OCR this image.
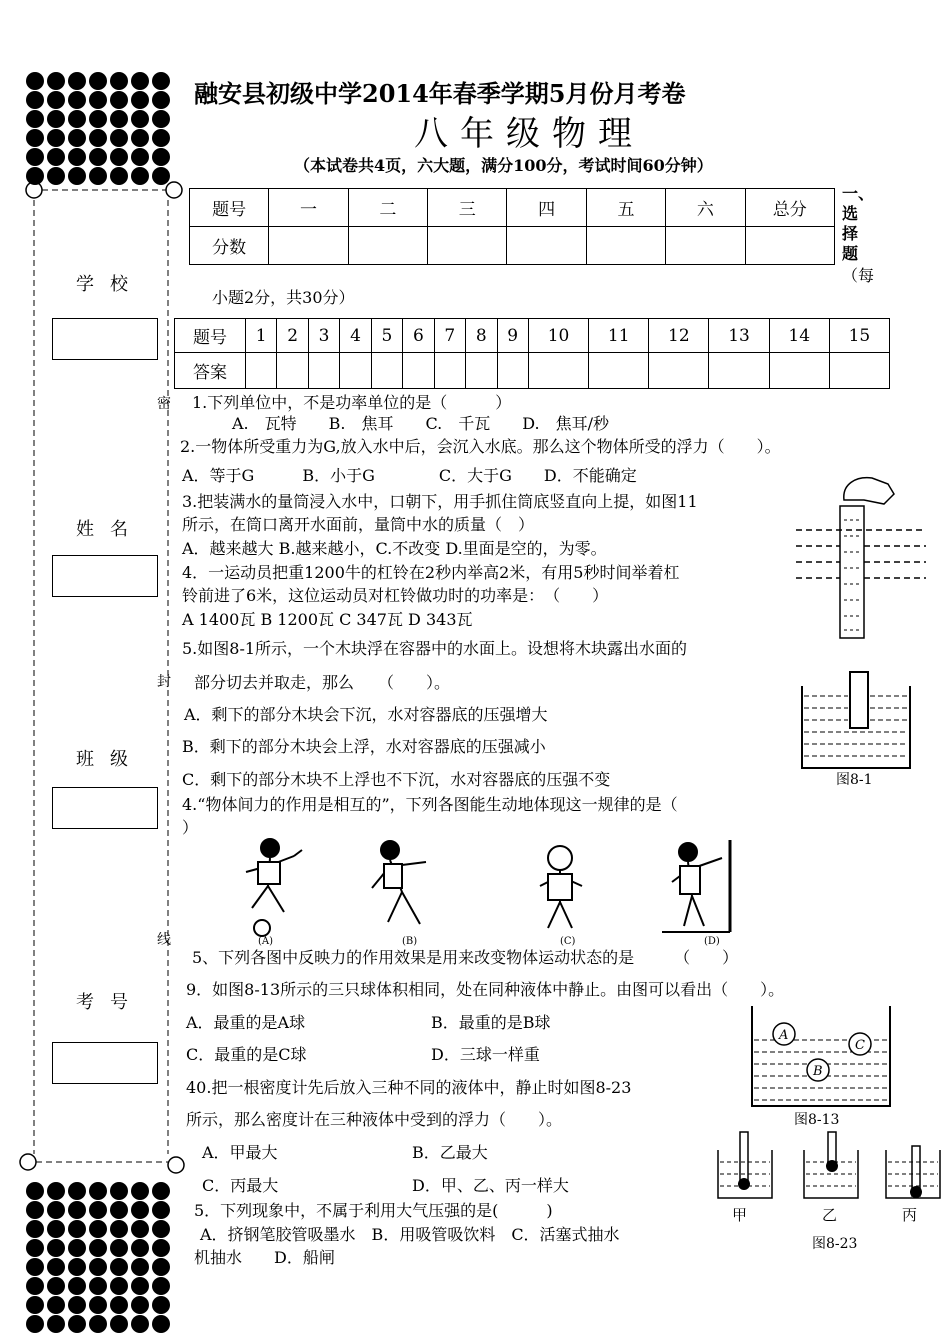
学校
姓名
班级
考号
密
封
线
融安县初级中学2014年春季学期5月份月考卷
八年级物理
（本试卷共4页，六大题，满分100分，考试时间60分钟）
题号	一	二	三	四	五	六	总分
分数							
一、
选
择
题
（每
小题2分，共30分）
题号	1	2	3	4	5	6	7	8	9	10	11	12	13	14	15
答案															
1.下列单位中，不是功率单位的是（　　　）
A.　瓦特　　B.　焦耳　　C.　千瓦　　D.　焦耳/秒
2.一物体所受重力为G,放入水中后，会沉入水底。那么这个物体所受的浮力（　　）。
A．等于G　　　B．小于G　　　　C．大于G　　D．不能确定
3.把装满水的量筒浸入水中，口朝下，用手抓住筒底竖直向上提，如图11
所示，在筒口离开水面前，量筒中水的质量（　）
A．越来越大 B.越来越小，C.不改变 D.里面是空的，为零。
4．一运动员把重1200牛的杠铃在2秒内举高2米，有用5秒时间举着杠
铃前进了6米，这位运动员对杠铃做功时的功率是：　（　　）
A 1400瓦 B 1200瓦 C 347瓦 D 343瓦
5.如图8-1所示，一个木块浮在容器中的水面上。设想将木块露出水面的
部分切去并取走，那么　　（　　）。
A．剩下的部分木块会下沉，水对容器底的压强增大
B．剩下的部分木块会上浮，水对容器底的压强减小
C．剩下的部分木块不上浮也不下沉，水对容器底的压强不变
4.“物体间力的作用是相互的”，下列各图能生动地体现这一规律的是（
）
(A)	(B)	(C)	(D)
5、下列各图中反映力的作用效果是用来改变物体运动状态的是　　　（　　）
9．如图8-13所示的三只球体积相同，处在同种液体中静止。由图可以看出（　　）。
A．最重的是A球	B．最重的是B球
C．最重的是C球	D．三球一样重
40.把一根密度计先后放入三种不同的液体中，静止时如图8-23
所示，那么密度计在三种液体中受到的浮力（　　）。
A．甲最大	B．乙最大
C．丙最大	D．甲、乙、丙一样大
5．下列现象中，不属于利用大气压强的是(　　　)
A．挤钢笔胶管吸墨水　B．用吸管吸饮料　C．活塞式抽水
机抽水　　D．船闸
图8-1
A
B
C
图8-13
甲	乙	丙
图8-23
